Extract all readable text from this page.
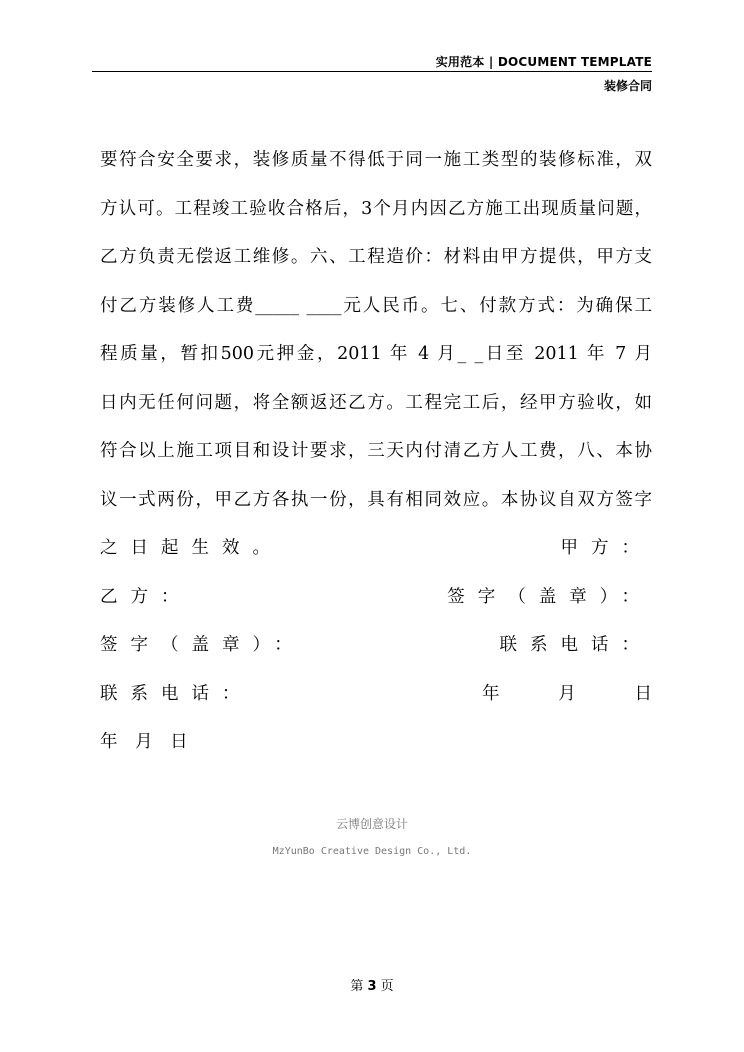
实用范本 | DOCUMENT TEMPLATE
装修合同
要符合安全要求，装修质量不得低于同一施工类型的装修标准，双
方认可。工程竣工验收合格后，3个月内因乙方施工出现质量问题，
乙方负责无偿返工维修。六、工程造价：材料由甲方提供，甲方支
付乙方装修人工费_____ ____元人民币。七、付款方式：为确保工
程质量，暂扣500元押金，2011 年 4 月_ _日至 2011 年 7 月
日内无任何问题，将全额返还乙方。工程完工后，经甲方验收，如
符合以上施工项目和设计要求，三天内付清乙方人工费，八、本协
议一式两份，甲乙方各执一份，具有相同效应。本协议自双方签字
之日起生效。	甲方：
乙方：	签字（盖章）：
签字（盖章）：	联系电话：
联系电话：	年	月	日
年 月 日
云博创意设计
MzYunBo Creative Design Co., Ltd.
第 3 页
